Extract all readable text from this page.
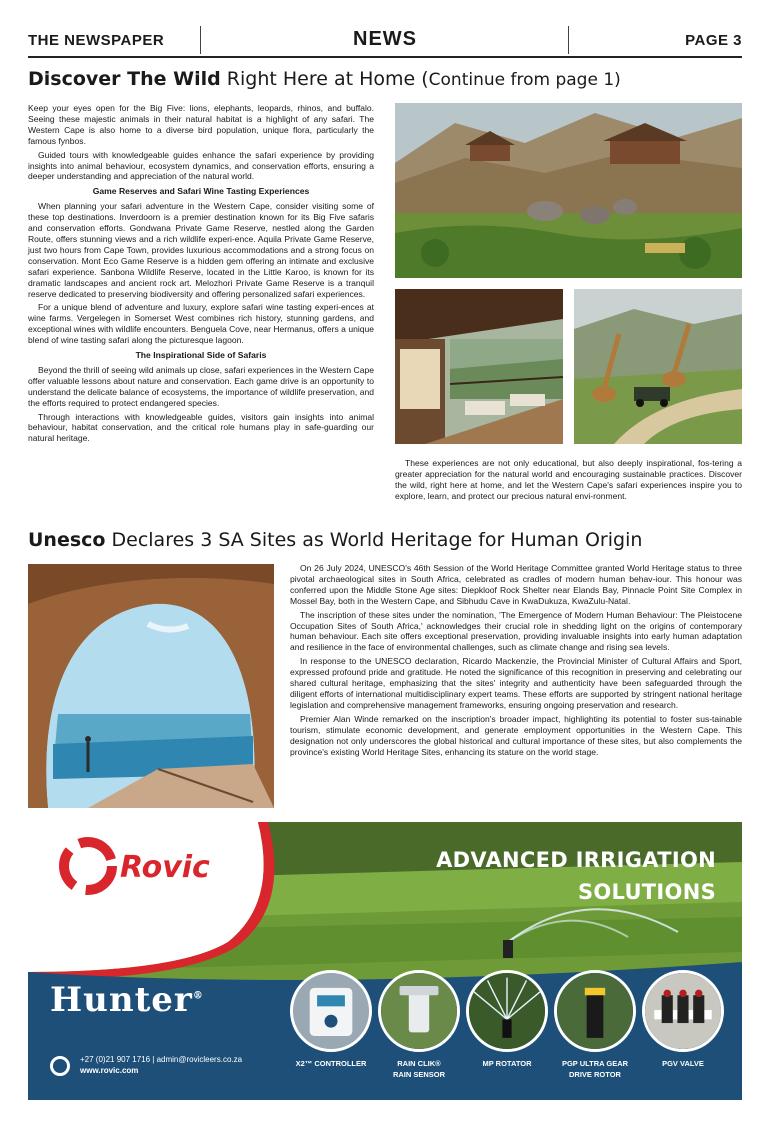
THE NEWSPAPER	NEWS	PAGE 3
Discover The Wild Right Here at Home (Continue from page 1)

Keep your eyes open for the Big Five: lions, elephants, leopards, rhinos, and buffalo. Seeing these majestic animals in their natural habitat is a highlight of any safari. The Western Cape is also home to a diverse bird population, unique flora, particularly the famous fynbos.

Guided tours with knowledgeable guides enhance the safari experience by providing insights into animal behaviour, ecosystem dynamics, and conservation efforts, ensuring a deeper understanding and appreciation of the natural world.

Game Reserves and Safari Wine Tasting Experiences

When planning your safari adventure in the Western Cape, consider visiting some of these top destinations. Inverdoorn is a premier destination known for its Big Five safaris and conservation efforts. Gondwana Private Game Reserve, nestled along the Garden Route, offers stunning views and a rich wildlife experi-ence. Aquila Private Game Reserve, just two hours from Cape Town, provides luxurious accommodations and a strong focus on conservation. Mont Eco Game Reserve is a hidden gem offering an intimate and exclusive safari experience. Sanbona Wildlife Reserve, located in the Little Karoo, is known for its dramatic landscapes and ancient rock art. Melozhori Private Game Reserve is a tranquil reserve dedicated to preserving biodiversity and offering personalized safari experiences.

For a unique blend of adventure and luxury, explore safari wine tasting experi-ences at wine farms. Vergelegen in Somerset West combines rich history, stunning gardens, and exceptional wines with wildlife encounters. Benguela Cove, near Hermanus, offers a unique blend of wine tasting safari along the picturesque lagoon.

The Inspirational Side of Safaris

Beyond the thrill of seeing wild animals up close, safari experiences in the Western Cape offer valuable lessons about nature and conservation. Each game drive is an opportunity to understand the delicate balance of ecosystems, the importance of wildlife preservation, and the efforts required to protect endangered species.

Through interactions with knowledgeable guides, visitors gain insights into animal behaviour, habitat conservation, and the critical role humans play in safe-guarding our natural heritage.

These experiences are not only educational, but also deeply inspirational, fos-tering a greater appreciation for the natural world and encouraging sustainable practices. Discover the wild, right here at home, and let the Western Cape's safari experiences inspire you to explore, learn, and protect our precious natural envi-ronment.

Unesco Declares 3 SA Sites as World Heritage for Human Origin

On 26 July 2024, UNESCO's 46th Session of the World Heritage Committee granted World Heritage status to three pivotal archaeological sites in South Africa, celebrated as cradles of modern human behav-iour. This honour was conferred upon the Middle Stone Age sites: Diepkloof Rock Shelter near Elands Bay, Pinnacle Point Site Complex in Mossel Bay, both in the Western Cape, and Sibhudu Cave in KwaDukuza, KwaZulu-Natal.

The inscription of these sites under the nomination, 'The Emergence of Modern Human Behaviour: The Pleistocene Occupation Sites of South Africa,' acknowledges their crucial role in shedding light on the origins of contemporary human behaviour. Each site offers exceptional preservation, providing invaluable insights into early human adaptation and resilience in the face of environmental challenges, such as climate change and rising sea levels.

In response to the UNESCO declaration, Ricardo Mackenzie, the Provincial Minister of Cultural Affairs and Sport, expressed profound pride and gratitude. He noted the significance of this recognition in preserving and celebrating our shared cultural heritage, emphasizing that the sites' integrity and authenticity have been safeguarded through the diligent efforts of international multidisciplinary expert teams. These efforts are supported by stringent national heritage legislation and comprehensive management frameworks, ensuring ongoing preservation and research.

Premier Alan Winde remarked on the inscription's broader impact, highlighting its potential to foster sus-tainable tourism, stimulate economic development, and generate employment opportunities in the Western Cape. This designation not only underscores the global historical and cultural importance of these sites, but also complements the province's existing World Heritage Sites, enhancing its stature on the world stage.

Rovic	ADVANCED IRRIGATION
SOLUTIONS
Hunter®
+27 (0)21 907 1716 | admin@rovicleers.co.za
www.rovic.com
X2™ CONTROLLER	RAIN CLIK®
RAIN SENSOR
MP ROTATOR	PGP ULTRA GEAR
DRIVE ROTOR
PGV VALVE
